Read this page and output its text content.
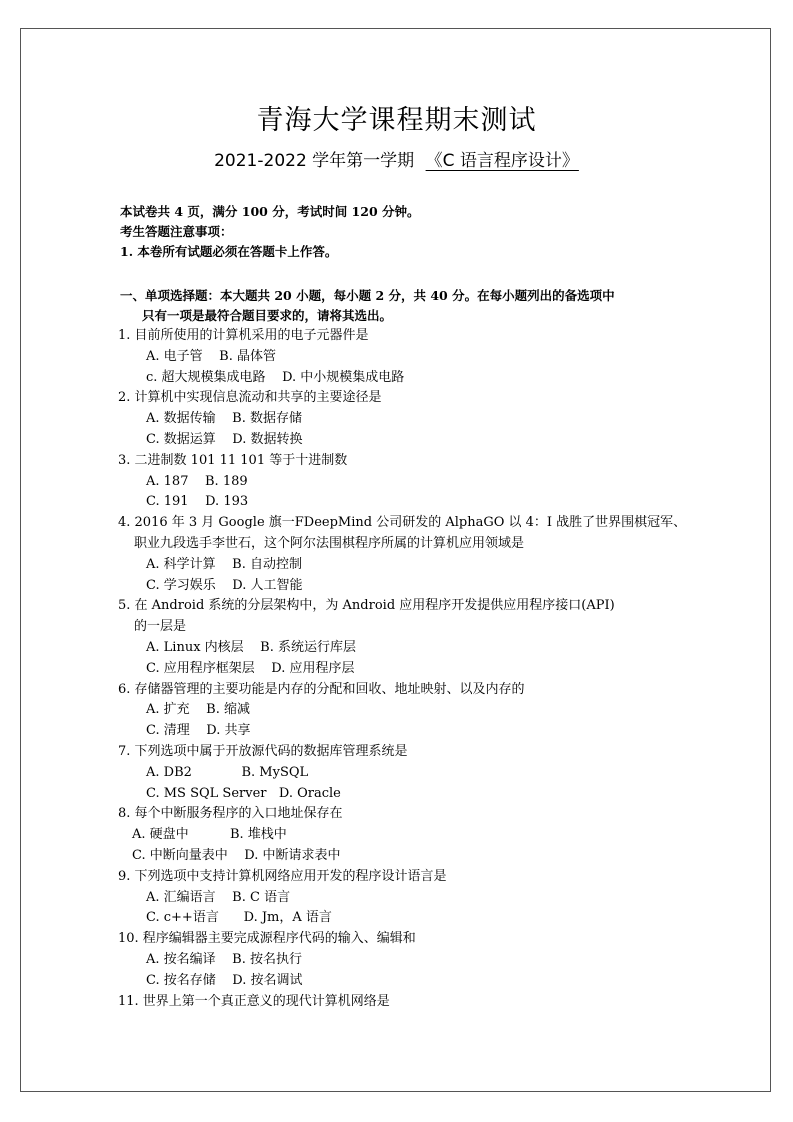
青海大学课程期末测试
2021-2022 学年第一学期 《C 语言程序设计》
本试卷共 4 页，满分 100 分，考试时间 120 分钟。
考生答题注意事项：
1. 本卷所有试题必须在答题卡上作答。
一、单项选择题：本大题共 20 小题，每小题 2 分，共 40 分。在每小题列出的备选项中
只有一项是最符合题目要求的，请将其选出。
1. 目前所使用的计算机采用的电子元器件是
A. 电子管    B. 晶体管
c. 超大规模集成电路    D. 中小规模集成电路
2. 计算机中实现信息流动和共享的主要途径是
A. 数据传输    B. 数据存储
C. 数据运算    D. 数据转换
3. 二进制数 101 11 101 等于十进制数
A. 187    B. 189
C. 191    D. 193
4. 2016 年 3 月 Google 旗一FDeepMind 公司研发的 AlphaGO 以 4：I 战胜了世界围棋冠军、
职业九段选手李世石，这个阿尔法围棋程序所属的计算机应用领域是
A. 科学计算    B. 自动控制
C. 学习娱乐    D. 人工智能
5. 在 Android 系统的分层架构中，为 Android 应用程序开发提供应用程序接口(API)
的一层是
A. Linux 内核层    B. 系统运行库层
C. 应用程序框架层    D. 应用程序层
6. 存储器管理的主要功能是内存的分配和回收、地址映射、以及内存的
A. 扩充    B. 缩减
C. 清理    D. 共享
7. 下列选项中属于开放源代码的数据库管理系统是
A. DB2            B. MySQL
C. MS SQL Server   D. Oracle
8. 每个中断服务程序的入口地址保存在
A. 硬盘中          B. 堆栈中
C. 中断向量表中    D. 中断请求表中
9. 下列选项中支持计算机网络应用开发的程序设计语言是
A. 汇编语言    B. C 语言
C. c++语言      D. Jm，A 语言
10. 程序编辑器主要完成源程序代码的输入、编辑和
A. 按名编译    B. 按名执行
C. 按名存储    D. 按名调试
11. 世界上第一个真正意义的现代计算机网络是
